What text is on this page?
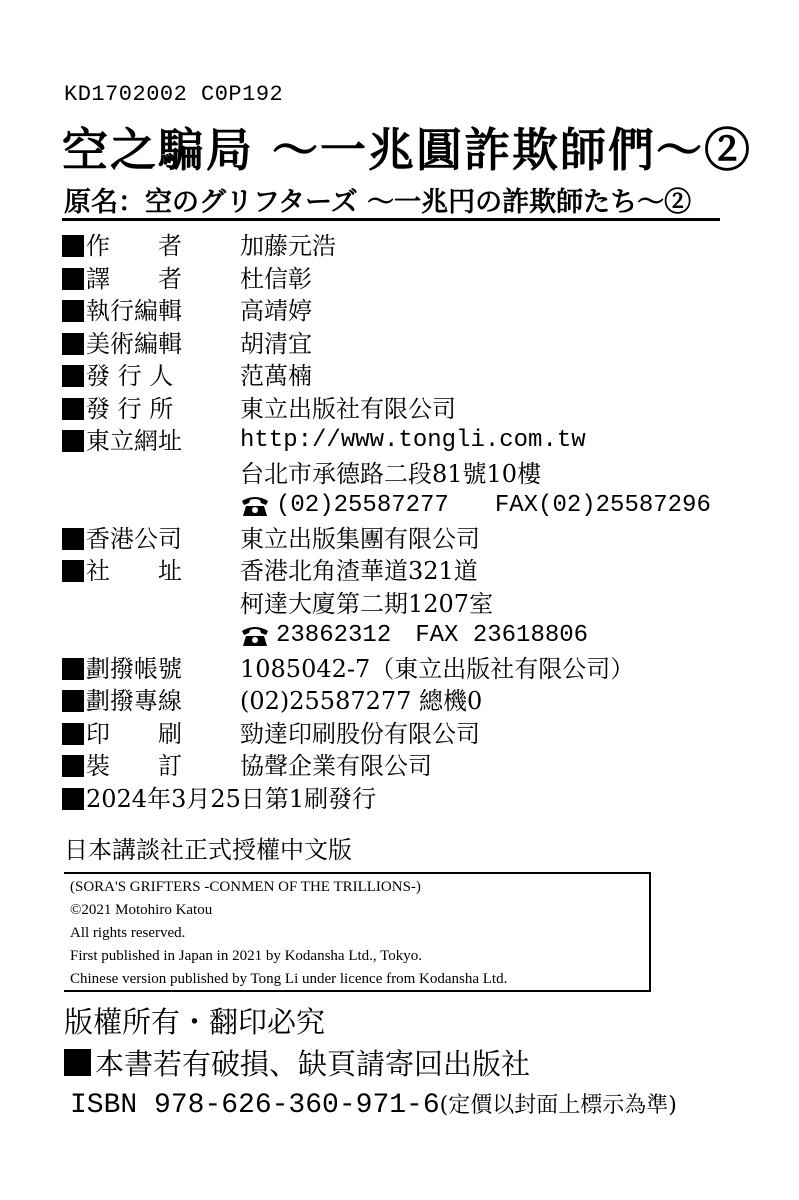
KD1702002 C0P192
空之騙局 ～一兆圓詐欺師們～②
原名：空のグリフターズ ～一兆円の詐欺師たち～②
作　　者 加藤元浩
譯　　者 杜信彰
執行編輯 高靖婷
美術編輯 胡清宜
發 行 人	范萬楠
發 行 所	東立出版社有限公司
東立網址 http://www.tongli.com.tw
台北市承德路二段81號10樓
(02)25587277 FAX(02)25587296
香港公司 東立出版集團有限公司
社　　址 香港北角渣華道321道
柯達大廈第二期1207室
23862312 FAX 23618806
劃撥帳號 1085042-7（東立出版社有限公司）
劃撥專線 (02)25587277 總機0
印　　刷 勁達印刷股份有限公司
裝　　訂 協聲企業有限公司
2024年3月25日第1刷發行
日本講談社正式授權中文版
(SORA'S GRIFTERS -CONMEN OF THE TRILLIONS-)
©2021 Motohiro Katou
All rights reserved.
First published in Japan in 2021 by Kodansha Ltd., Tokyo.
Chinese version published by Tong Li under licence from Kodansha Ltd.
版權所有・翻印必究
本書若有破損、缺頁請寄回出版社
ISBN 978-626-360-971-6 (定價以封面上標示為準)
